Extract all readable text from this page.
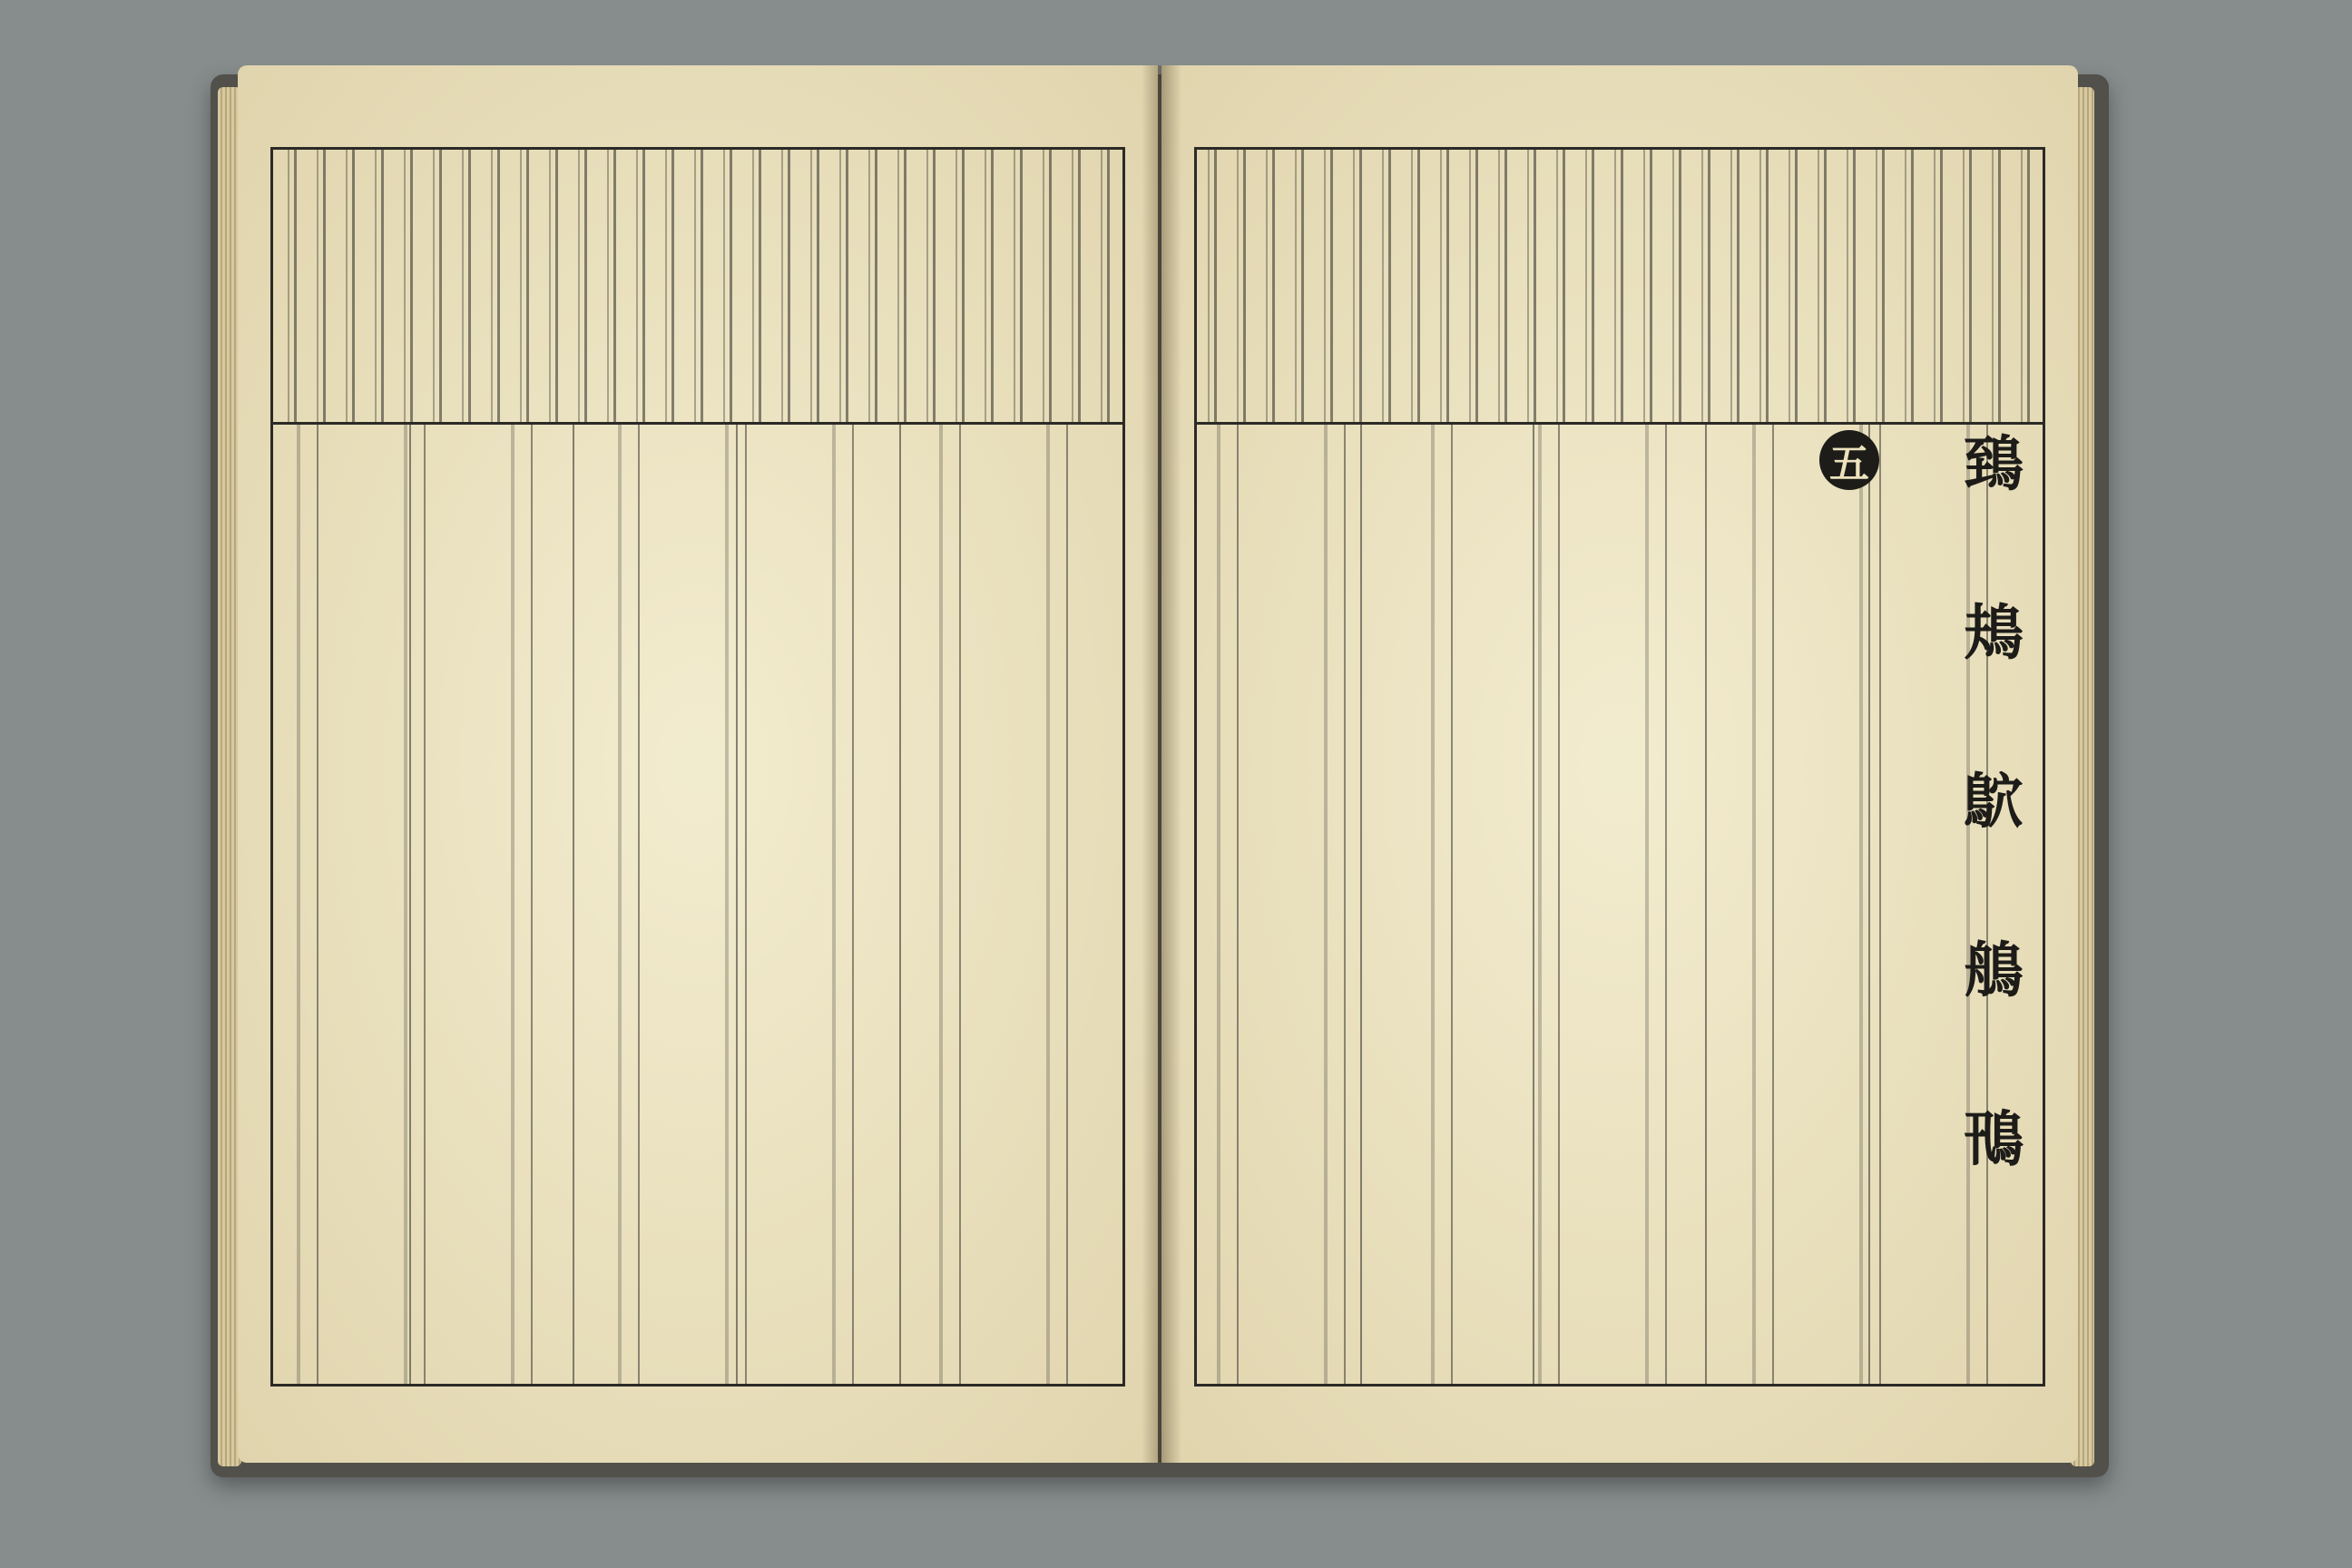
五 鵄
鳺
鴥
鵃
鳵
